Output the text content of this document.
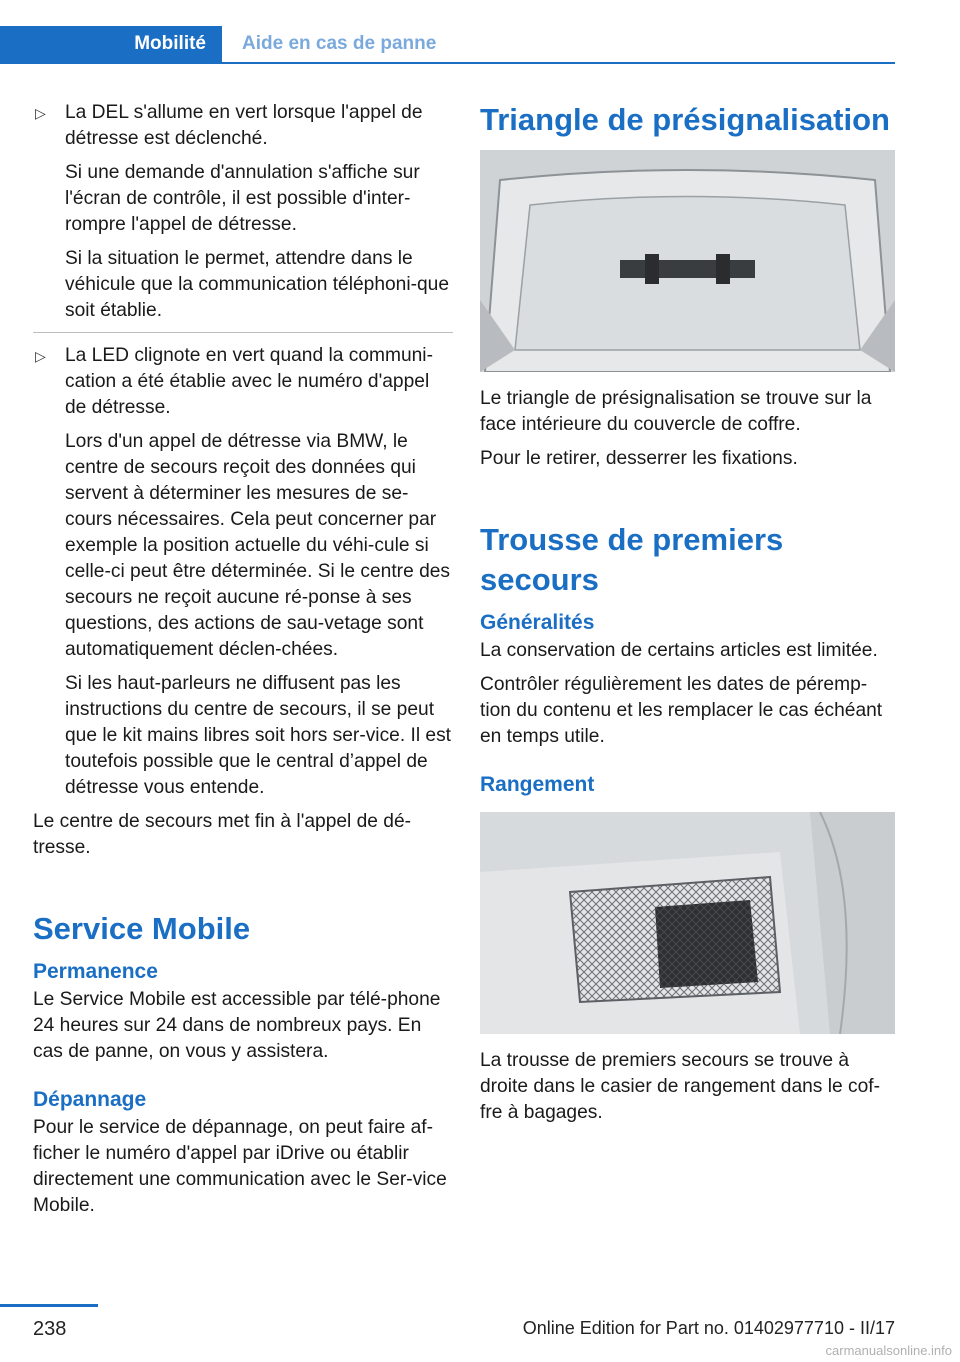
Mobilité Aide en cas de panne
▷ La DEL s'allume en vert lorsque l'appel de détresse est déclenché.

Si une demande d'annulation s'affiche sur l'écran de contrôle, il est possible d'inter-rompre l'appel de détresse.

Si la situation le permet, attendre dans le véhicule que la communication téléphoni-que soit établie.

▷ La LED clignote en vert quand la communi-cation a été établie avec le numéro d'appel de détresse.

Lors d'un appel de détresse via BMW, le centre de secours reçoit des données qui servent à déterminer les mesures de se-cours nécessaires. Cela peut concerner par exemple la position actuelle du véhi-cule si celle-ci peut être déterminée. Si le centre des secours ne reçoit aucune ré-ponse à ses questions, des actions de sau-vetage sont automatiquement déclen-chées.

Si les haut-parleurs ne diffusent pas les instructions du centre de secours, il se peut que le kit mains libres soit hors ser-vice. Il est toutefois possible que le central d’appel de détresse vous entende.

Le centre de secours met fin à l'appel de dé-tresse.

Service Mobile
Permanence

Le Service Mobile est accessible par télé-phone 24 heures sur 24 dans de nombreux pays. En cas de panne, on vous y assistera.

Dépannage

Pour le service de dépannage, on peut faire af-ficher le numéro d'appel par iDrive ou établir directement une communication avec le Ser-vice Mobile.

Triangle de présignalisation

Le triangle de présignalisation se trouve sur la face intérieure du couvercle de coffre.

Pour le retirer, desserrer les fixations.

Trousse de premiers secours
Généralités

La conservation de certains articles est limitée.

Contrôler régulièrement les dates de péremp-tion du contenu et les remplacer le cas échéant en temps utile.

Rangement

La trousse de premiers secours se trouve à droite dans le casier de rangement dans le cof-fre à bagages.

238	Online Edition for Part no. 01402977710 - II/17
carmanualsonline.info
